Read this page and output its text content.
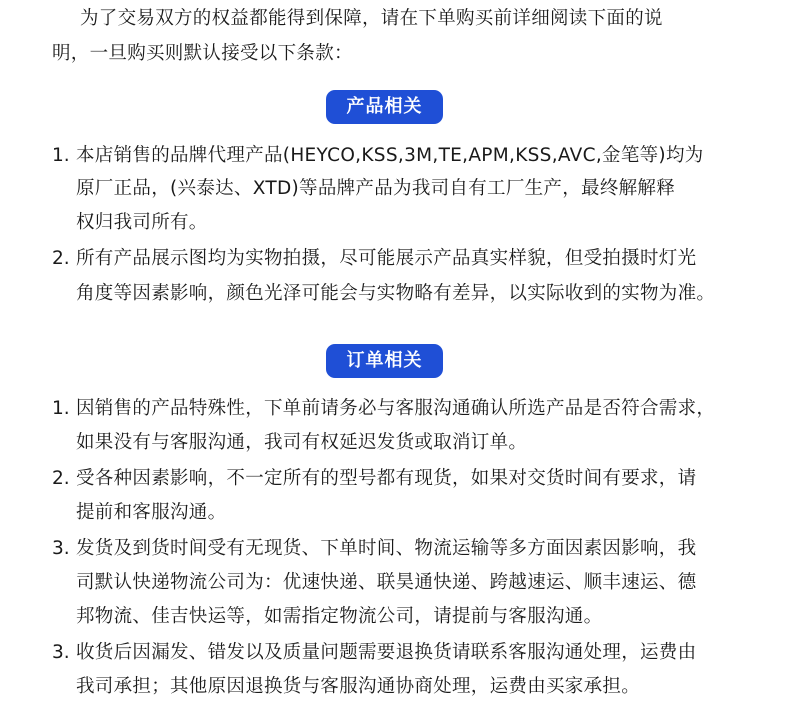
为了交易双方的权益都能得到保障，请在下单购买前详细阅读下面的说
明，一旦购买则默认接受以下条款：
产品相关
1. 本店销售的品牌代理产品(HEYCO,KSS,3M,TE,APM,KSS,AVC,金笔等)均为
原厂正品，(兴泰达、XTD)等品牌产品为我司自有工厂生产，最终解解释
权归我司所有。
2. 所有产品展示图均为实物拍摄，尽可能展示产品真实样貌，但受拍摄时灯光
角度等因素影响，颜色光泽可能会与实物略有差异，以实际收到的实物为准。
订单相关
1. 因销售的产品特殊性，下单前请务必与客服沟通确认所选产品是否符合需求，
如果没有与客服沟通，我司有权延迟发货或取消订单。
2. 受各种因素影响，不一定所有的型号都有现货，如果对交货时间有要求，请
提前和客服沟通。
3. 发货及到货时间受有无现货、下单时间、物流运输等多方面因素因影响，我
司默认快递物流公司为：优速快递、联昊通快递、跨越速运、顺丰速运、德
邦物流、佳吉快运等，如需指定物流公司，请提前与客服沟通。
3. 收货后因漏发、错发以及质量问题需要退换货请联系客服沟通处理，运费由
我司承担；其他原因退换货与客服沟通协商处理，运费由买家承担。
